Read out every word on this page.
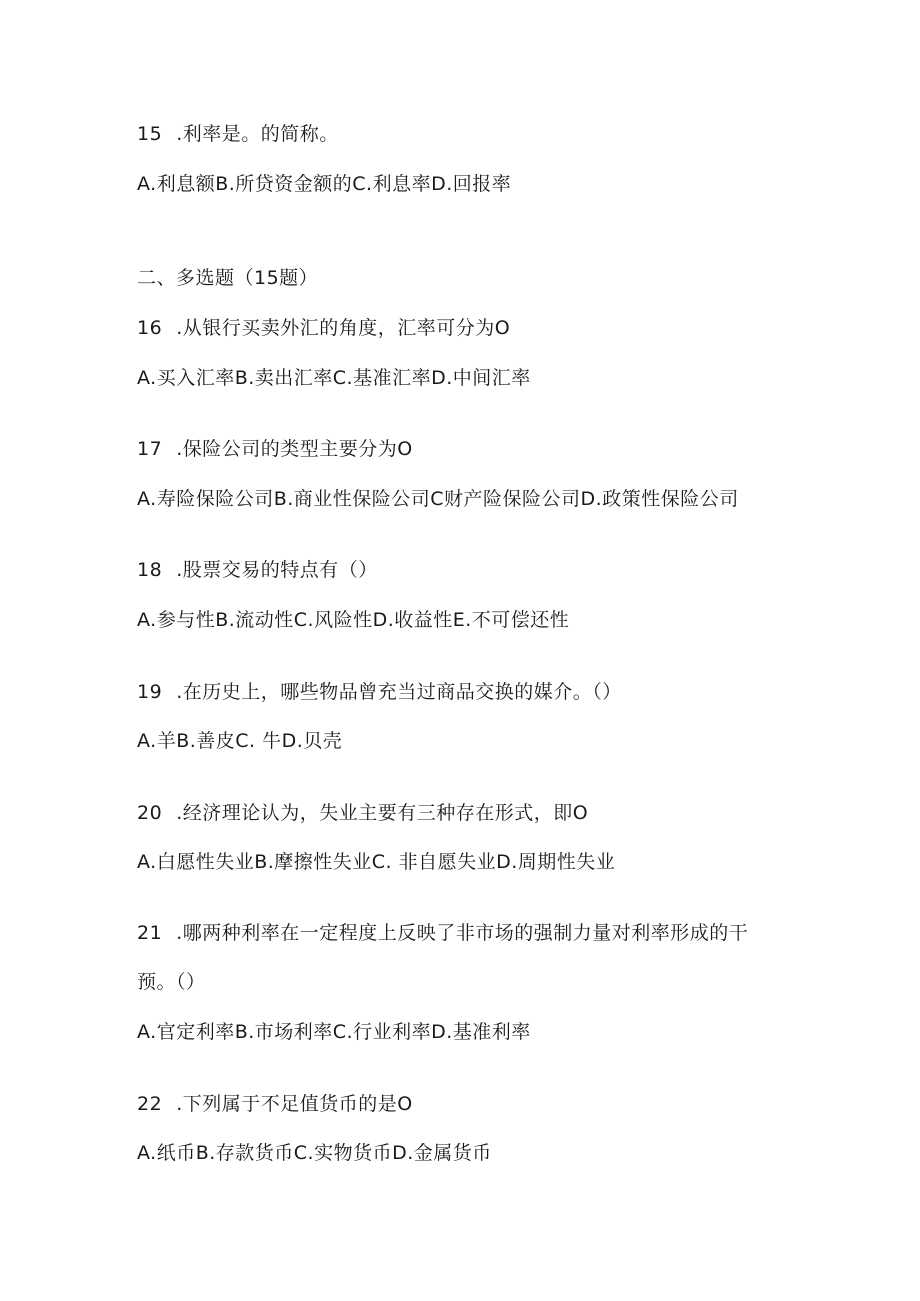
15 .利率是。的简称。
A.利息额B.所贷资金额的C.利息率D.回报率
二、多选题（15题）
16 .从银行买卖外汇的角度，汇率可分为O
A.买入汇率B.卖出汇率C.基准汇率D.中间汇率
17 .保险公司的类型主要分为O
A.寿险保险公司B.商业性保险公司C财产险保险公司D.政策性保险公司
18 .股票交易的特点有（）
A.参与性B.流动性C.风险性D.收益性E.不可偿还性
19 .在历史上，哪些物品曾充当过商品交换的媒介。（）
A.羊B.善皮C. 牛D.贝壳
20 .经济理论认为，失业主要有三种存在形式，即O
A.白愿性失业B.摩擦性失业C. 非自愿失业D.周期性失业
21 .哪两种利率在一定程度上反映了非市场的强制力量对利率形成的干
预。（）
A.官定利率B.市场利率C.行业利率D.基准利率
22 .下列属于不足值货币的是O
A.纸币B.存款货币C.实物货币D.金属货币
